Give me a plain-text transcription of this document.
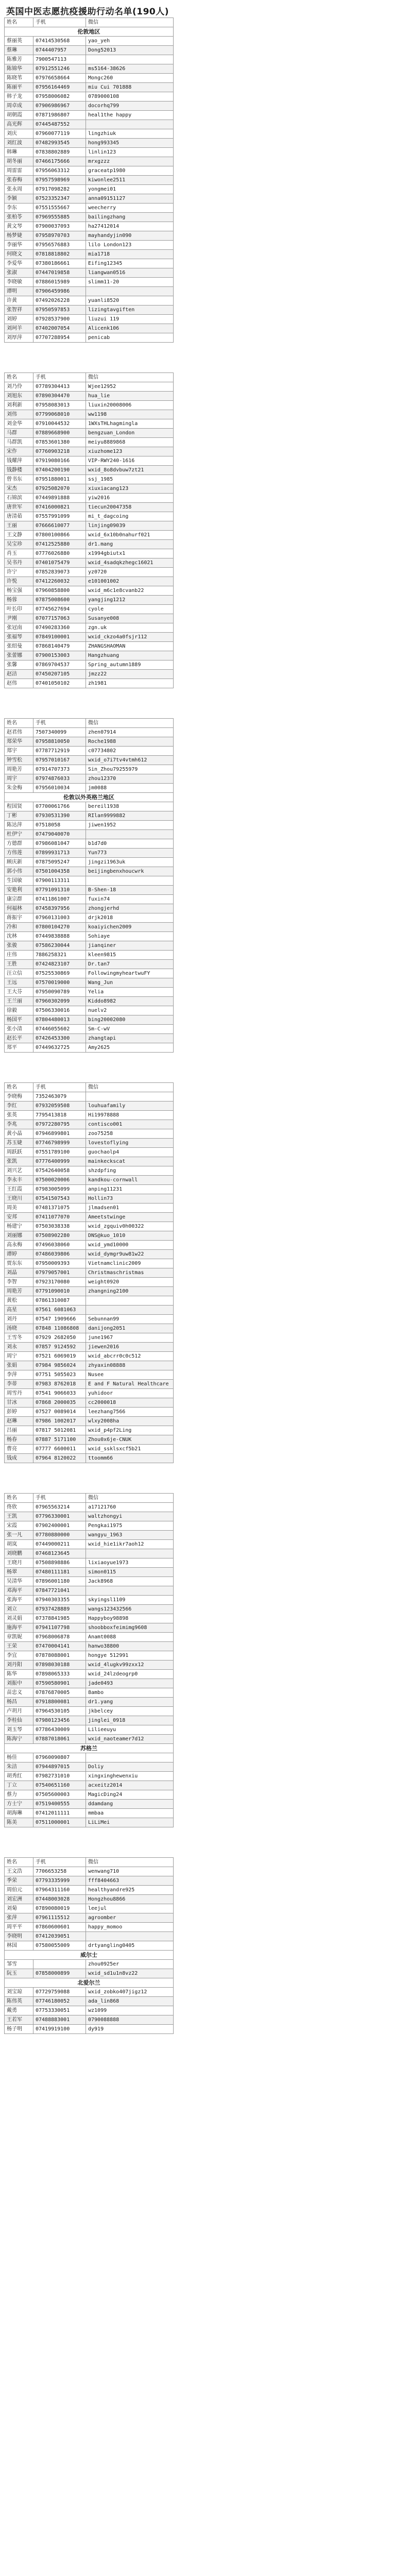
英国中医志愿抗疫援助行动名单(190人)
姓名	手机	微信	
伦敦地区			
蔡丽英	07414530568	yao_yeh	
蔡琳	0744407957	Dong52013	
陈雅芳	7900547113		
陈锦华	07912551246	ms5164-38626	
陈晓苇	07976658664	Mongc260	
陈丽平	07956164469	miu Cui 701888	
韩子龙	07958006082	0789000108	
周卓成	07906986967	docorhq799	
胡朝霞	07871986807	heal1the happy	
高光辉	07445487552		
刘庆	07960077119	lingzhiuk	
刘红波	07482993545	hong993345	
韩琳	07838802889	linlin123	
胡冬丽	07466175666	mrxgzzz	
周雷雷	07956063312	graceatp1980	
张春梅	07957598969	kiwonlee2511	
张永周	07917098282	yongmei01	
李颖	07523352347	anna09151127	
李东	07551555667	weecherry	
张柏苓	07969555885	bailingzhang	
黄文琴	07900037093	ha27412014	
杨梦婕	07958970703	mayhandyjin090	
李丽华	07956576883	lilo London123	
何晓文	07818818802	mia1718	
李爱华	07380186661	Eifing12345	
张淑	07447019858	liangwan0516	
李晓敏	07886015989	slimm11-20	
谭明	07906459986		
许黄	07492026228	yuanli8520	
张智祥	07950597853	lizingtavgiften	
刘婷	07928537900	liuzui 119	
刘珂羊	07402007054	Alicenk106	
刘厚萍	07707288954	penicab	
姓名	手机	微信	
刘乃伶	07789304413	Wjee12952	
刘旭东	07890304470	hua_lie	
刘利新	07958083013	liuxin20008006	
刘伟	07799068010	ww1198	
刘金华	07910044532	1WXsTHLhagmingla	
马群	07889668900	bengzuan_London	
马群凯	07853601380	meiyu8889868	
宋作	07760903218	xiuzhome123	
钱耀萍	07919080166	VIP-RWY240-1616	
钱静楼	07404200190	wxid_8o8dvbuw7zt21	
曾书东	07951880011	ssj_1985	
宋杰	07925082070	xiuxiacang123	
石锦滨	07449891888	yiw2016	
唐世军	07416000821	tiecun20047358	
唐清茹	07557991099	mi_t_dagcoing	
王丽	07666610077	linjing09039	
王文静	07800100866	wxid_6x10b0nahurf021	
吴宝珍	07412525880	dr1.mang	
肖玉	07776026880	x1994gbiutx1	
吴书丹	07401075479	wxid_4sadqkzhegc16021	
许宁	07852839073	yz0720	
许悦	07412260032	e101001002	
杨宝强	07960858800	wxid_m6c1e8cvanb22	
杨蓉	07875008600	yangjing1212	
叶长印	07745627694	cyole	
尹刚	07077157063	Susanye008	
张冠南	07490283360	zgn.uk	
张福琴	07849100001	wxid_ckzo4a0fsjr112	
张绍曼	07868140479	ZHANGSHAOMAN	
张蕾娜	07900153003	Hangzhuang	
张馨	07869704537	Spring_autumn1889	
赵洁	07450207105	jmzz22	
赵伟	07401050102	zh1981	
姓名	手机	微信	
赵君伟	7507340099	zhen07914	
郑荣华	07958810050	Roche1988	
郑宇	07787712919	c07734802	
钟雪松	07957010167	wxid_o7i7tv4vtmh612	
周艳芳	07914707373	Sin_Zhou79255979	
周宇	07974876033	zhou12370	
朱金梅	07956010034	jm0088	
伦敦以外英格兰地区			
程国贤	07700061766	bereil1938	
丁彬	07930531390	RIlan9999882	
陈达萍	07518058	jiwen1952	
杜伊宁	07479040070		
方德群	07986081047	b1d7d0	
方伟莲	07899931713	Yun773	
顾庆新	07875095247	jingzi1963uk	
郭小伟	07501004358	beijingbenxhoucwrk	
生国敏	07900113311		
安艳利	07791091310	B-Shen-18	
康宗群	07411861007	fuxin74	
何福林	07458397956	zhongjerhd	
蒋振宇	07960131003	drjk2018	
冷和	07800104270	koaiyichen2009	
沈林	07449838888	Sohiaye	
张骏	07586230044	jianqiner	
庄伟	7886258321	kleen9815	
王胜	07424823107	Dr.tan7	
汪立信	07525530869	FollowingmyheartwuFY	
王远	07570019000	Wang_Jun	
王大芬	07950090789	Yelia	
王兰丽	07960302099	Kiddo8982	
徐毅	07506330016	nuelv2	
杨国平	07804480013	bing20002080	
张小清	07446055602	Sm-C-wV	
赵长平	07426453300	zhangtapi	
郑平	07449632725	Amy2625	
姓名	手机	微信	
李晓梅	7352463079		
李红	07932059508	louhuafamily	
张英	7795413818	Hi19978888	
李兆	07972280795	contisco001	
黄小晶	07946899801	zoo75258	
苏玉婕	07746798999	lovestoflying	
周跃跃	07551789100	guochaolp4	
张凯	07776400999	mainkeckscat	
刘兴艺	07542640058	shzdpfing	
李永丰	07500020006	kandkou-cornwall	
王红霞	07983005099	anping11231	
王晓川	07541507543	Hollin73	
周美	07481371075	jlmadsen01	
安邦	07411077070	Ameetstwinge	
杨建宁	07503038338	wxid_zgquiv0h00322	
刘丽娜	07508902280	DNS@kuo_1010	
高永梅	07496038060	wxid_ymd10000	
谭婷	07486039806	wxid_dymgr9uw81w22	
贾东东	07950009393	Vietnamclinic2009	
刘晶	07979057001	Christmaschristmas	
李智	07923170080	weight0920	
周艳芳	07791090010	zhangning2100	
黄松	07861310087		
高星	07561 6081063		
刘丹	07547 1909666	Sebunnan99	
汤晓	07848 11086808	danijong2051	
王雪冬	07929 2682050	june1967	
刘永	07857 9124592	jiewen2016	
周宁	07521 6069019	wxid_abcrr0c0c512	
张娟	07984 9856024	zhyaxin08888	
李萍	07751 5055023	Nusee	
李蒂	07983 8762018	E and F Natural Healthcare	
周雪丹	07541 9066033	yuhidoor	
甘冰	07868 2000035	cc2000018	
彭婷	07527 0089014	leezhang7566	
赵琳	07986 1002017	wlxy2008ha	
吕丽	07817 5012081	wxid_p4pf2Ling	
杨春	07887 5171100	Zhou0x6je-CNUK	
曹亮	07777 6600011	wxid_ssklsxcf5b21	
钱成	07964 8120022	ttoomm66	
姓名	手机	微信	
佟欣	07965563214	a17121760	
王凯	07796330001	waltzhongyi	
宋霞	07902400001	Pengkai1975	
张一凡	07780880000	wangyu_1963	
胡岚	07449000211	wxid_hie1ikr7aoh12	
刘晓鹏	07468123645		
王晓月	07508898886	lixiaoyue1973	
杨翠	07480111181	simon0115	
吴清华	07896001180	Jack8968	
邓海平	07847721041		
张海平	07940303355	skyingsl1109	
刘立	07937428889	wangs123432566	
刘灵娟	07378841985	Happyboy98898	
施海平	07941107798	shoobboxfeimimg9608	
章凯妮	07968006878	Anamt0088	
王荣	07470004141	hanwo38800	
李宜	07878088001	hongye 512991	
刘丹阳	07898030188	wxid_4lugkv99zxx12	
陈华	07898065333	wxid_24lzdeogrp0	
刘振中	07590580901	jade0493	
苗忠义	07876870005	8ambo	
杨昌	07918800081	dr1.yang	
卢玥月	07964530105	jkbelcey	
李桂仙	07980123456	jinglei_0918	
刘玉琴	07786430009	Lilieeuyu	
陈海宁	07887018061	wxid_naoteamer7d12	
苏格兰			
杨佳	07960090807		
朱洁	07944897015	Doliy	
胡秀红	07982731010	xingxinghewenxiu	
丁立	07540651160	acxeitz2014	
蔡力	07505600003	MagicDing24	
方士宁	07519400555	ddamdang	
胡海琳	07412011111	mmbaa	
陈美	07511000001	LiLiMei	
姓名	手机	微信	
王文浩	7706653258	wenwang710	
季荣	07793335999	fff8404663	
周伯元	07964311160	healthyandre925	
刘宏洲	07448003028	Hongzhou8866	
刘菊	07890080019	leejul	
张萍	07961115512	agroomber	
周平平	07860600601	happy_momoo	
李晓明	07412039051		
林国	07580055009	drtyangling0405	
威尔士			
邹雪		zhou0925er	
阮玉	07858000899	wxid_sd1u1n8vz22	
北爱尔兰			
刘宝琼	07729759088	wxid_zobko407jigz12	
陈伟英	07746180052	ada_lin868	
戴勇	07753330051	wz1099	
王若军	07488883001	0790088888	
杨子明	07419919100	dy919	
